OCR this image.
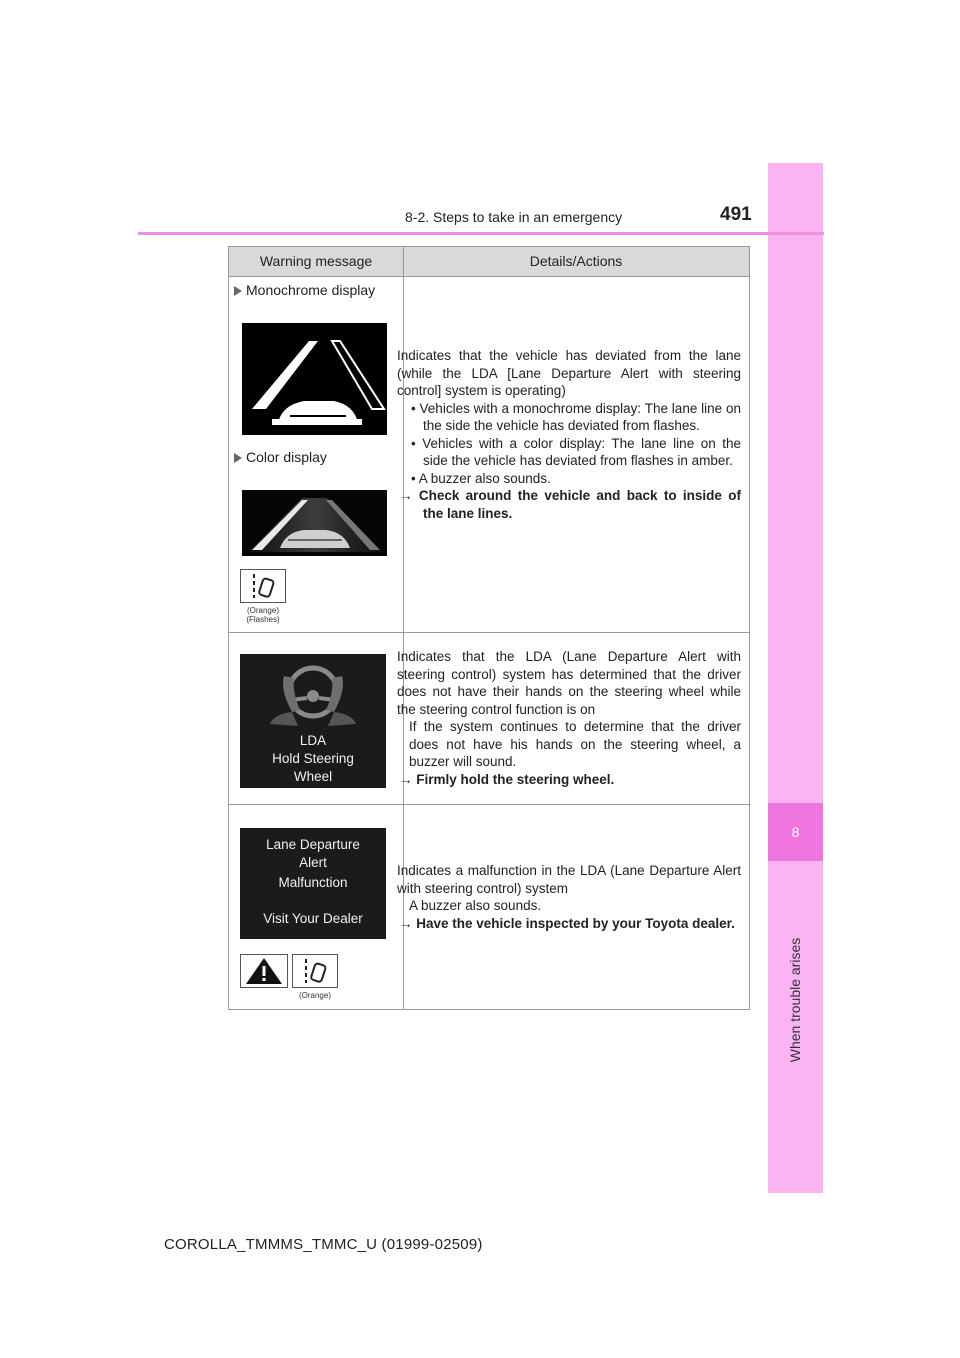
8
When trouble arises
8-2. Steps to take in an emergency	491
Warning message	Details/Actions
Monochrome display
Color display
(Orange)
(Flashes)

Indicates that the vehicle has deviated from the lane (while the LDA [Lane Departure Alert with steering control] system is operating)

• Vehicles with a monochrome display: The lane line on the side the vehicle has deviated from flashes.

• Vehicles with a color display: The lane line on the side the vehicle has deviated from flashes in amber.

• A buzzer also sounds.

→ Check around the vehicle and back to inside of the lane lines.

LDA
Hold Steering
Wheel

Indicates that the LDA (Lane Departure Alert with steering control) system has determined that the driver does not have their hands on the steering wheel while the steering control function is on

If the system continues to determine that the driver does not have his hands on the steering wheel, a buzzer will sound.

→ Firmly hold the steering wheel.

Lane Departure
Alert
Malfunction
Visit Your Dealer
(Orange)

Indicates a malfunction in the LDA (Lane Departure Alert with steering control) system

A buzzer also sounds.

→ Have the vehicle inspected by your Toyota dealer.

COROLLA_TMMMS_TMMC_U (01999-02509)
